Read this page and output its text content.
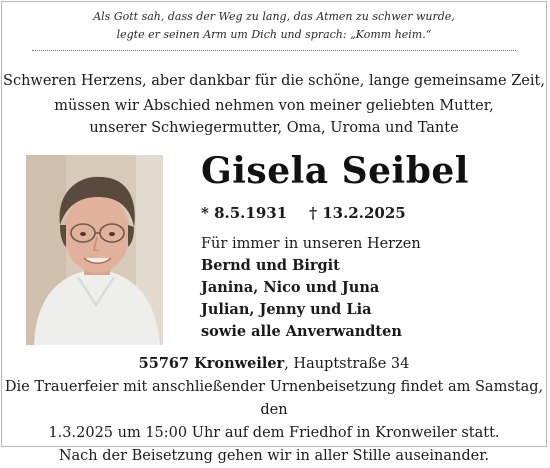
Als Gott sah, dass der Weg zu lang, das Atmen zu schwer wurde,
legte er seinen Arm um Dich und sprach: „Komm heim.“
Schweren Herzens, aber dankbar für die schöne, lange gemeinsame Zeit,
müssen wir Abschied nehmen von meiner geliebten Mutter,
unserer Schwiegermutter, Oma, Uroma und Tante
Gisela Seibel
* 8.5.1931 † 13.2.2025
Für immer in unseren Herzen
Bernd und Birgit
Janina, Nico und Juna
Julian, Jenny und Lia
sowie alle Anverwandten
55767 Kronweiler, Hauptstraße 34
Die Trauerfeier mit anschließender Urnenbeisetzung findet am Samstag, den
1.3.2025 um 15:00 Uhr auf dem Friedhof in Kronweiler statt.
Nach der Beisetzung gehen wir in aller Stille auseinander.
